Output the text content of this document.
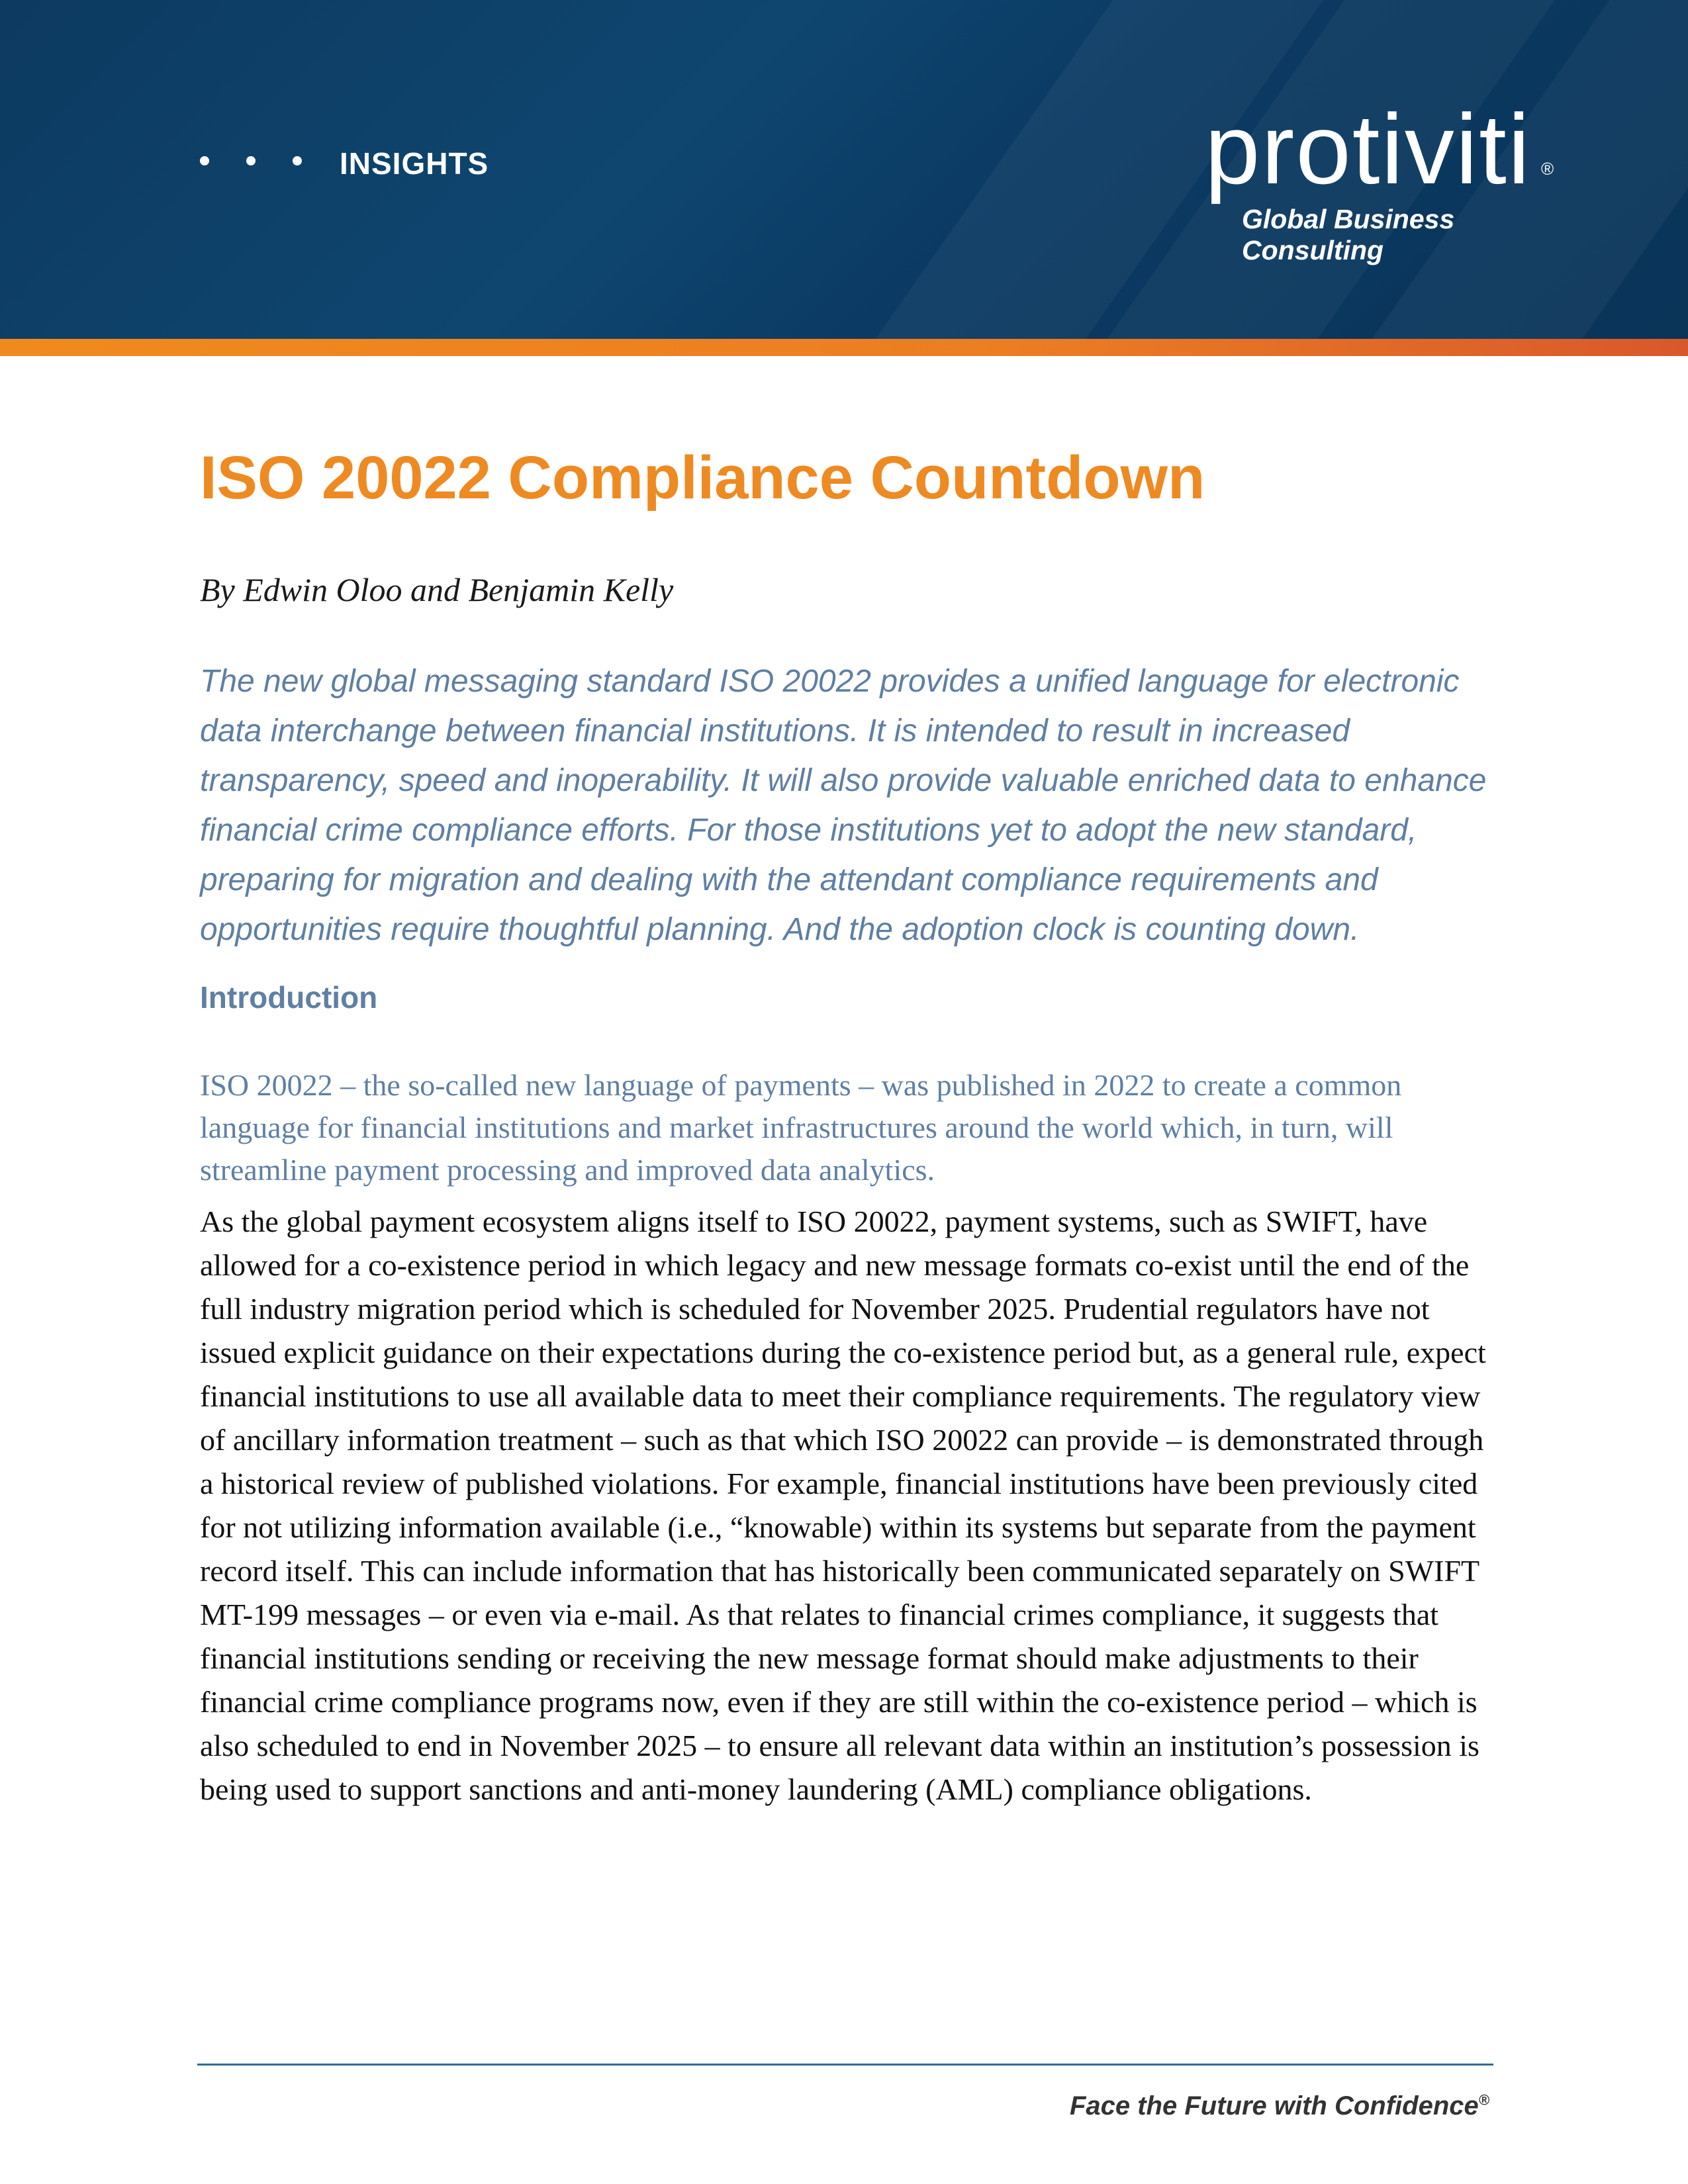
INSIGHTS	protiviti ®
Global Business Consulting
ISO 20022 Compliance Countdown
By Edwin Oloo and Benjamin Kelly

The new global messaging standard ISO 20022 provides a unified language for electronic data interchange between financial institutions. It is intended to result in increased transparency, speed and inoperability. It will also provide valuable enriched data to enhance financial crime compliance efforts. For those institutions yet to adopt the new standard, preparing for migration and dealing with the attendant compliance requirements and opportunities require thoughtful planning. And the adoption clock is counting down.

Introduction

ISO 20022 – the so-called new language of payments – was published in 2022 to create a common language for financial institutions and market infrastructures around the world which, in turn, will streamline payment processing and improved data analytics.

As the global payment ecosystem aligns itself to ISO 20022, payment systems, such as SWIFT, have allowed for a co-existence period in which legacy and new message formats co-exist until the end of the full industry migration period which is scheduled for November 2025. Prudential regulators have not issued explicit guidance on their expectations during the co-existence period but, as a general rule, expect financial institutions to use all available data to meet their compliance requirements. The regulatory view of ancillary information treatment – such as that which ISO 20022 can provide – is demonstrated through a historical review of published violations. For example, financial institutions have been previously cited for not utilizing information available (i.e., “knowable) within its systems but separate from the payment record itself. This can include information that has historically been communicated separately on SWIFT MT-199 messages – or even via e-mail. As that relates to financial crimes compliance, it suggests that financial institutions sending or receiving the new message format should make adjustments to their financial crime compliance programs now, even if they are still within the co-existence period – which is also scheduled to end in November 2025 – to ensure all relevant data within an institution’s possession is being used to support sanctions and anti-money laundering (AML) compliance obligations.

Face the Future with Confidence®
